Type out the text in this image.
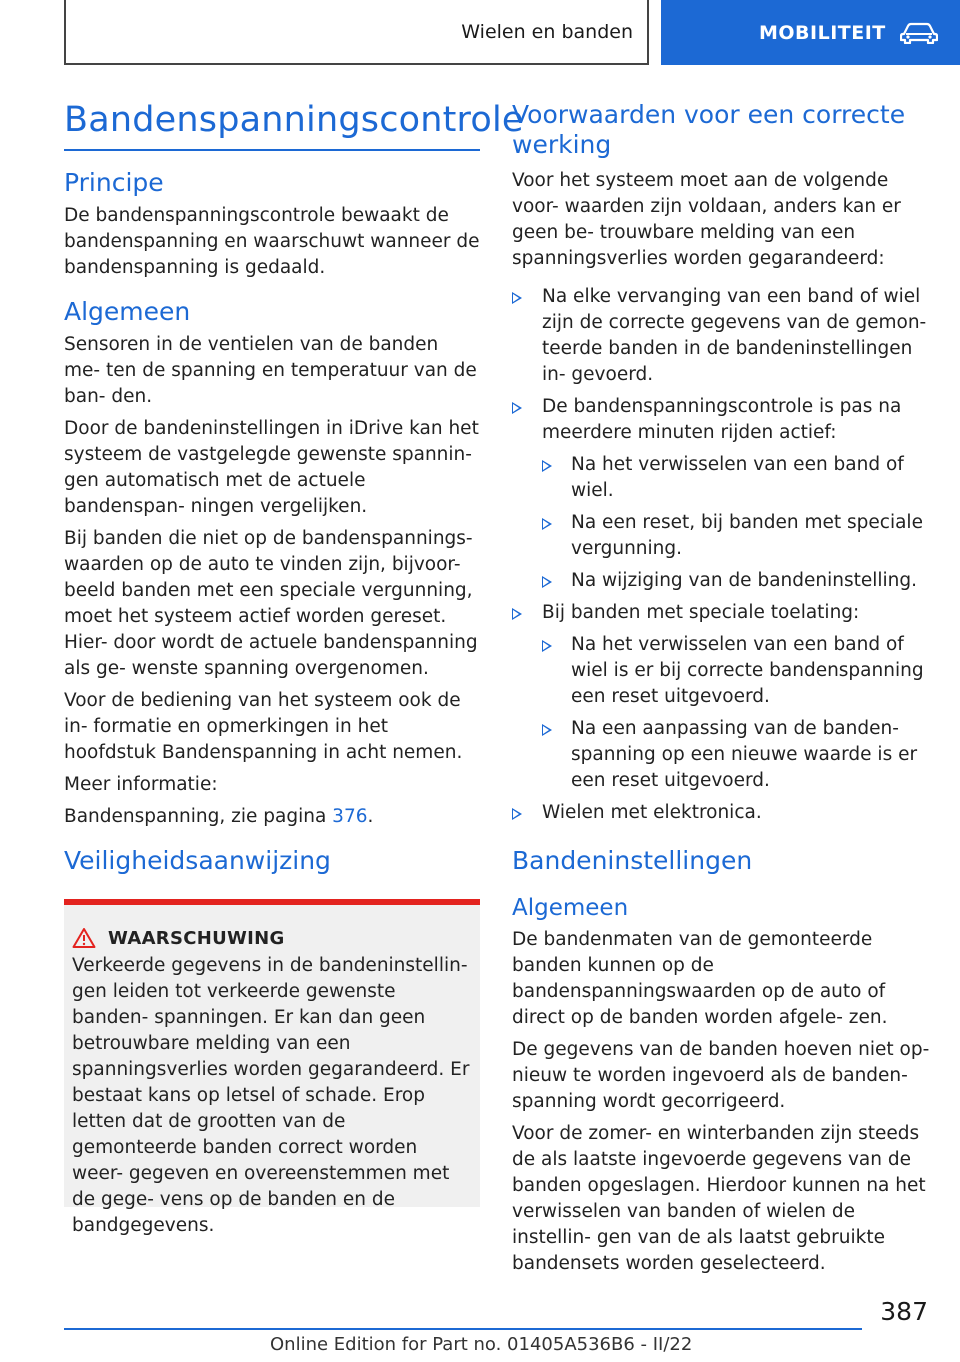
Wielen en banden	MOBILITEIT
Bandenspanningscontrole
Principe

De bandenspanningscontrole bewaakt de bandenspanning en waarschuwt wanneer de bandenspanning is gedaald.

Algemeen

Sensoren in de ventielen van de banden me- ten de spanning en temperatuur van de ban- den.

Door de bandeninstellingen in iDrive kan het systeem de vastgelegde gewenste spannin- gen automatisch met de actuele bandenspan- ningen vergelijken.

Bij banden die niet op de bandenspannings- waarden op de auto te vinden zijn, bijvoor- beeld banden met een speciale vergunning, moet het systeem actief worden gereset. Hier- door wordt de actuele bandenspanning als ge- wenste spanning overgenomen.

Voor de bediening van het systeem ook de in- formatie en opmerkingen in het hoofdstuk Bandenspanning in acht nemen.

Meer informatie:

Bandenspanning, zie pagina 376.

Veiligheidsaanwijzing
WAARSCHUWING

Verkeerde gegevens in de bandeninstellin- gen leiden tot verkeerde gewenste banden- spanningen. Er kan dan geen betrouwbare melding van een spanningsverlies worden gegarandeerd. Er bestaat kans op letsel of schade. Erop letten dat de grootten van de gemonteerde banden correct worden weer- gegeven en overeenstemmen met de gege- vens op de banden en de bandgegevens.

Voorwaarden voor een correcte werking

Voor het systeem moet aan de volgende voor- waarden zijn voldaan, anders kan er geen be- trouwbare melding van een spanningsverlies worden gegarandeerd:

Na elke vervanging van een band of wiel zijn de correcte gegevens van de gemon- teerde banden in de bandeninstellingen in- gevoerd.
De bandenspanningscontrole is pas na meerdere minuten rijden actief:
Na het verwisselen van een band of wiel.
Na een reset, bij banden met speciale vergunning.
Na wijziging van de bandeninstelling.
Bij banden met speciale toelating:
Na het verwisselen van een band of wiel is er bij correcte bandenspanning een reset uitgevoerd.
Na een aanpassing van de banden- spanning op een nieuwe waarde is er een reset uitgevoerd.
Wielen met elektronica.
Bandeninstellingen
Algemeen

De bandenmaten van de gemonteerde banden kunnen op de bandenspanningswaarden op de auto of direct op de banden worden afgele- zen.

De gegevens van de banden hoeven niet op- nieuw te worden ingevoerd als de banden- spanning wordt gecorrigeerd.

Voor de zomer- en winterbanden zijn steeds de als laatste ingevoerde gegevens van de banden opgeslagen. Hierdoor kunnen na het verwisselen van banden of wielen de instellin- gen van de als laatst gebruikte bandensets worden geselecteerd.

387
Online Edition for Part no. 01405A536B6 - II/22
